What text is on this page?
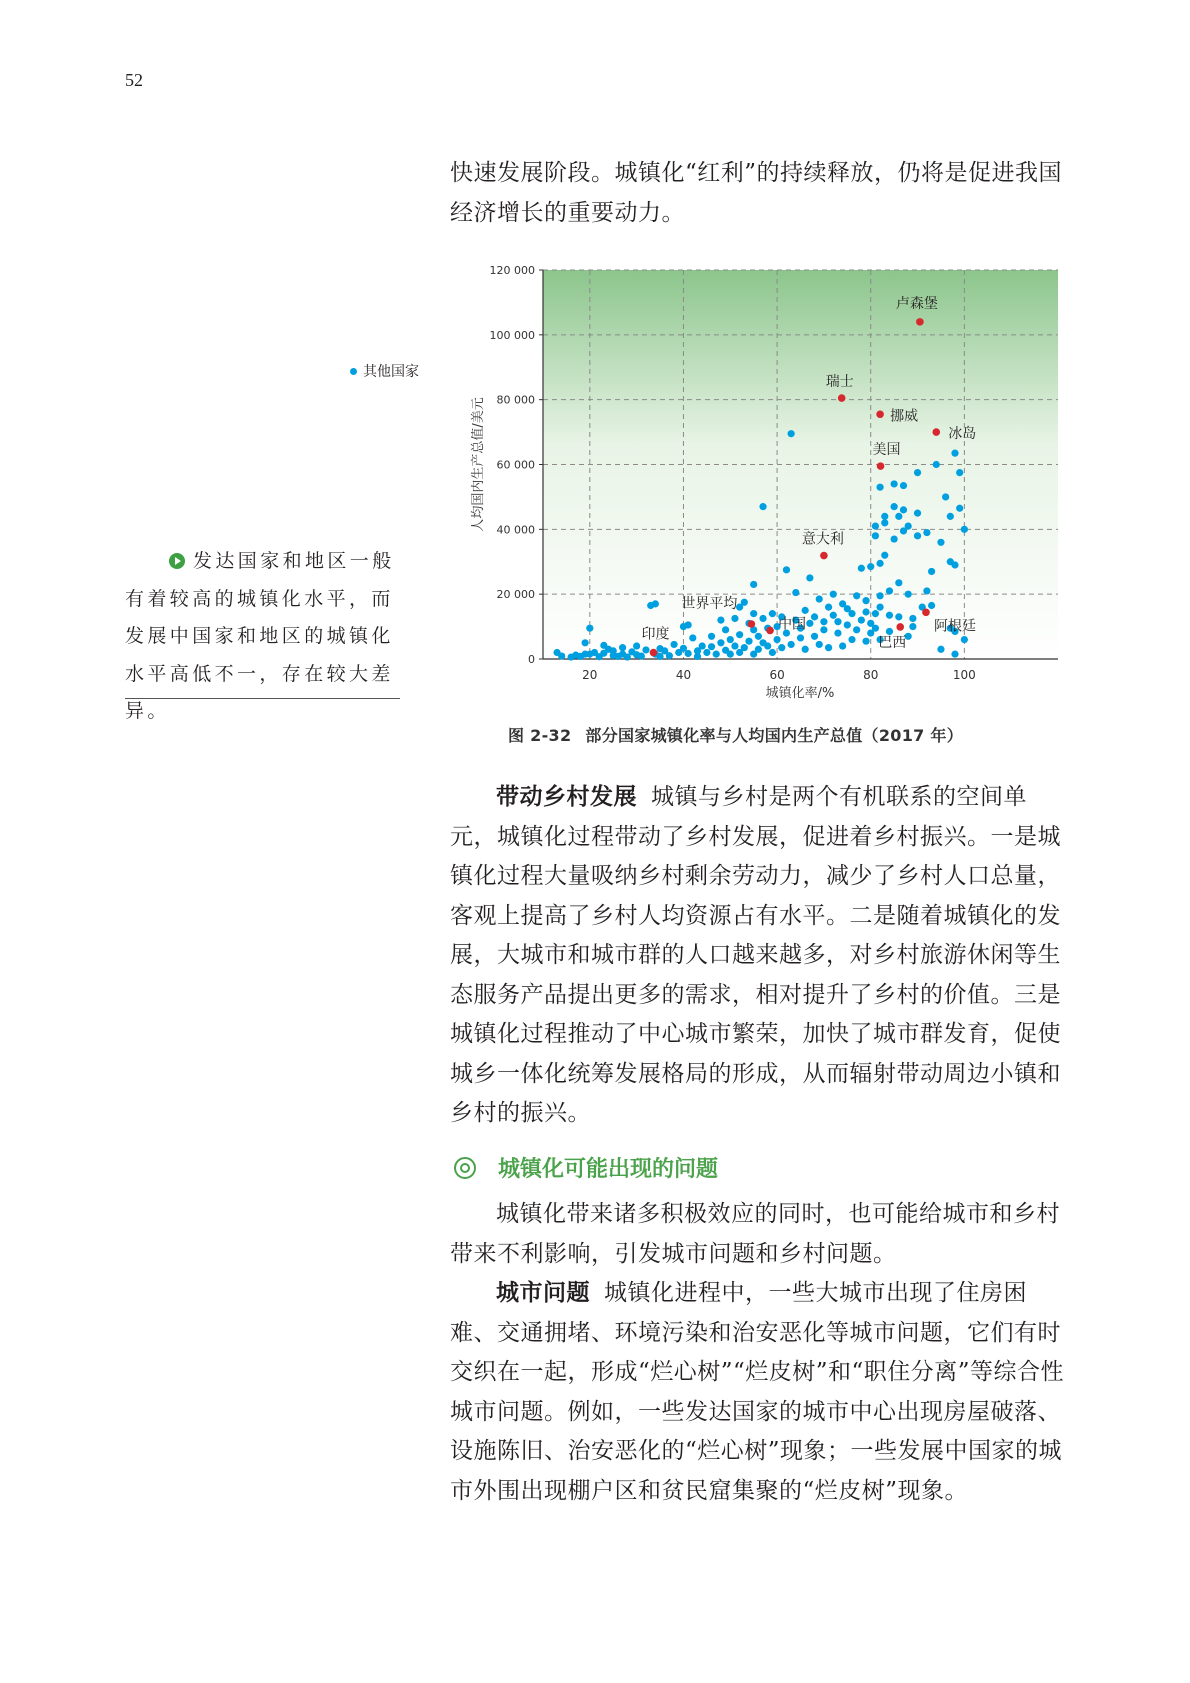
52

快速发展阶段。城镇化“红利”的持续释放，仍将是促进我国经济增长的重要动力。

其他国家
发达国家和地区一般有着较高的城镇化水平，而发展中国家和地区的城镇化水平高低不一，存在较大差异。
0
20 000
40 000
60 000
80 000
100 000
120 000
20	40	60	80	100
城镇化率/%
人均国内生产总值/美元
卢森堡
瑞士
挪威
冰岛
美国
意大利
世界平均
中国
巴西
阿根廷
印度
图 2-32 部分国家城镇化率与人均国内生产总值（2017 年）

带动乡村发展 城镇与乡村是两个有机联系的空间单元，城镇化过程带动了乡村发展，促进着乡村振兴。一是城镇化过程大量吸纳乡村剩余劳动力，减少了乡村人口总量，客观上提高了乡村人均资源占有水平。二是随着城镇化的发展，大城市和城市群的人口越来越多，对乡村旅游休闲等生态服务产品提出更多的需求，相对提升了乡村的价值。三是城镇化过程推动了中心城市繁荣，加快了城市群发育，促使城乡一体化统筹发展格局的形成，从而辐射带动周边小镇和乡村的振兴。

城镇化可能出现的问题

城镇化带来诸多积极效应的同时，也可能给城市和乡村带来不利影响，引发城市问题和乡村问题。

城市问题 城镇化进程中，一些大城市出现了住房困难、交通拥堵、环境污染和治安恶化等城市问题，它们有时交织在一起，形成“烂心树”“烂皮树”和“职住分离”等综合性城市问题。例如，一些发达国家的城市中心出现房屋破落、设施陈旧、治安恶化的“烂心树”现象；一些发展中国家的城市外围出现棚户区和贫民窟集聚的“烂皮树”现象。
